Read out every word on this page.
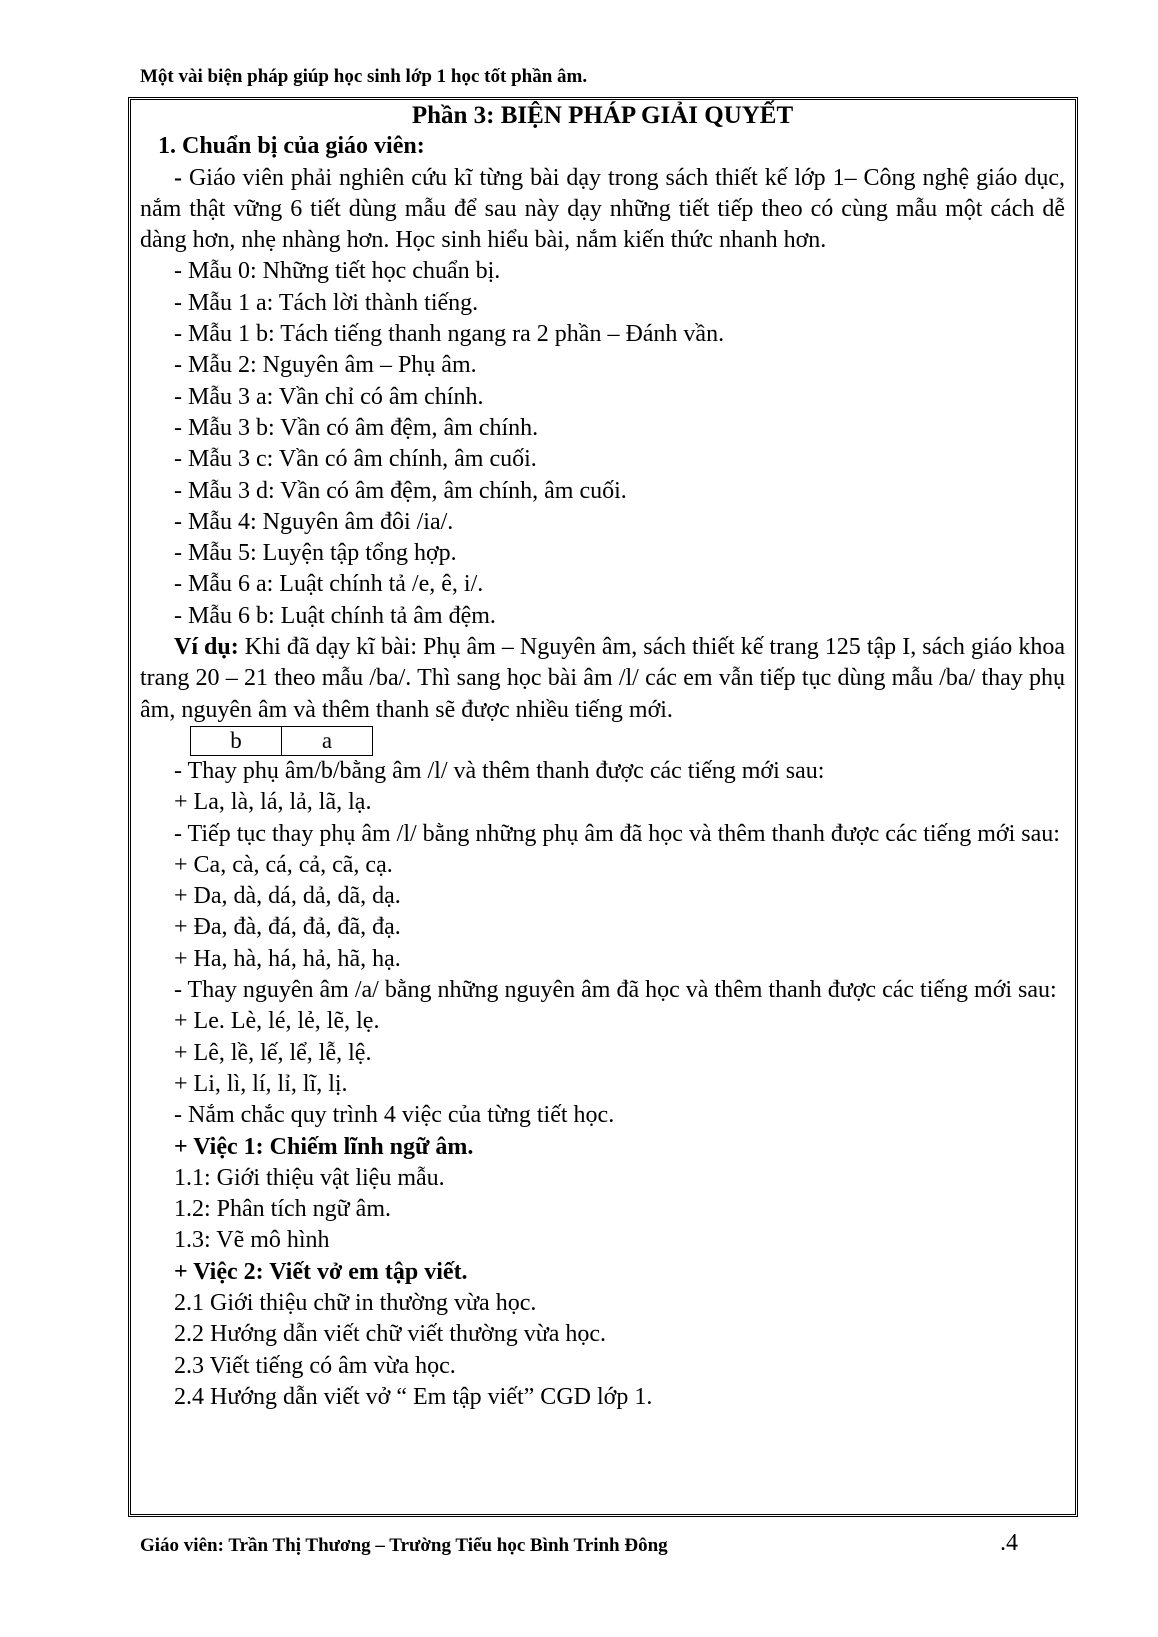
Một vài biện pháp giúp học sinh lớp 1 học tốt phần âm.
Phần 3: BIỆN PHÁP GIẢI QUYẾT
1. Chuẩn bị của giáo viên:
- Giáo viên phải nghiên cứu kĩ từng bài dạy trong sách thiết kế lớp 1– Công nghệ giáo dục, nắm thật vững 6 tiết dùng mẫu để sau này dạy những tiết tiếp theo có cùng mẫu một cách dễ dàng hơn, nhẹ nhàng hơn. Học sinh hiểu bài, nắm kiến thức nhanh hơn.
- Mẫu 0: Những tiết học chuẩn bị.
- Mẫu 1 a: Tách lời thành tiếng.
- Mẫu 1 b: Tách tiếng thanh ngang ra 2 phần – Đánh vần.
- Mẫu 2: Nguyên âm – Phụ âm.
- Mẫu 3 a: Vần chỉ có âm chính.
- Mẫu 3 b: Vần có âm đệm, âm chính.
- Mẫu 3 c: Vần có âm chính, âm cuối.
- Mẫu 3 d: Vần có âm đệm, âm chính, âm cuối.
- Mẫu 4: Nguyên âm đôi /ia/.
- Mẫu 5: Luyện tập tổng hợp.
- Mẫu 6 a: Luật chính tả /e, ê, i/.
- Mẫu 6 b: Luật chính tả âm đệm.
Ví dụ: Khi đã dạy kĩ bài: Phụ âm – Nguyên âm, sách thiết kế trang 125 tập I, sách giáo khoa trang 20 – 21 theo mẫu /ba/. Thì sang học bài âm /l/ các em vẫn tiếp tục dùng mẫu /ba/ thay phụ âm, nguyên âm và thêm thanh sẽ được nhiều tiếng mới.
b	a
- Thay phụ âm/b/bằng âm /l/ và thêm thanh được các tiếng mới sau:
+ La, là, lá, lả, lã, lạ.
- Tiếp tục thay phụ âm /l/ bằng những phụ âm đã học và thêm thanh được các tiếng mới sau:
+ Ca, cà, cá, cả, cã, cạ.
+ Da, dà, dá, dả, dã, dạ.
+ Đa, đà, đá, đả, đã, đạ.
+ Ha, hà, há, hả, hã, hạ.
- Thay nguyên âm /a/ bằng những nguyên âm đã học và thêm thanh được các tiếng mới sau:
+ Le. Lè, lé, lẻ, lẽ, lẹ.
+ Lê, lề, lế, lể, lễ, lệ.
+ Li, lì, lí, lỉ, lĩ, lị.
- Nắm chắc quy trình 4 việc của từng tiết học.
+ Việc 1: Chiếm lĩnh ngữ âm.
1.1: Giới thiệu vật liệu mẫu.
1.2: Phân tích ngữ âm.
1.3: Vẽ mô hình
+ Việc 2: Viết vở em tập viết.
2.1 Giới thiệu chữ in thường vừa học.
2.2 Hướng dẫn viết chữ viết thường vừa học.
2.3 Viết tiếng có âm vừa học.
2.4 Hướng dẫn viết vở “ Em tập viết” CGD lớp 1.
Giáo viên: Trần Thị Thương – Trường Tiểu học Bình Trinh Đông	.4
